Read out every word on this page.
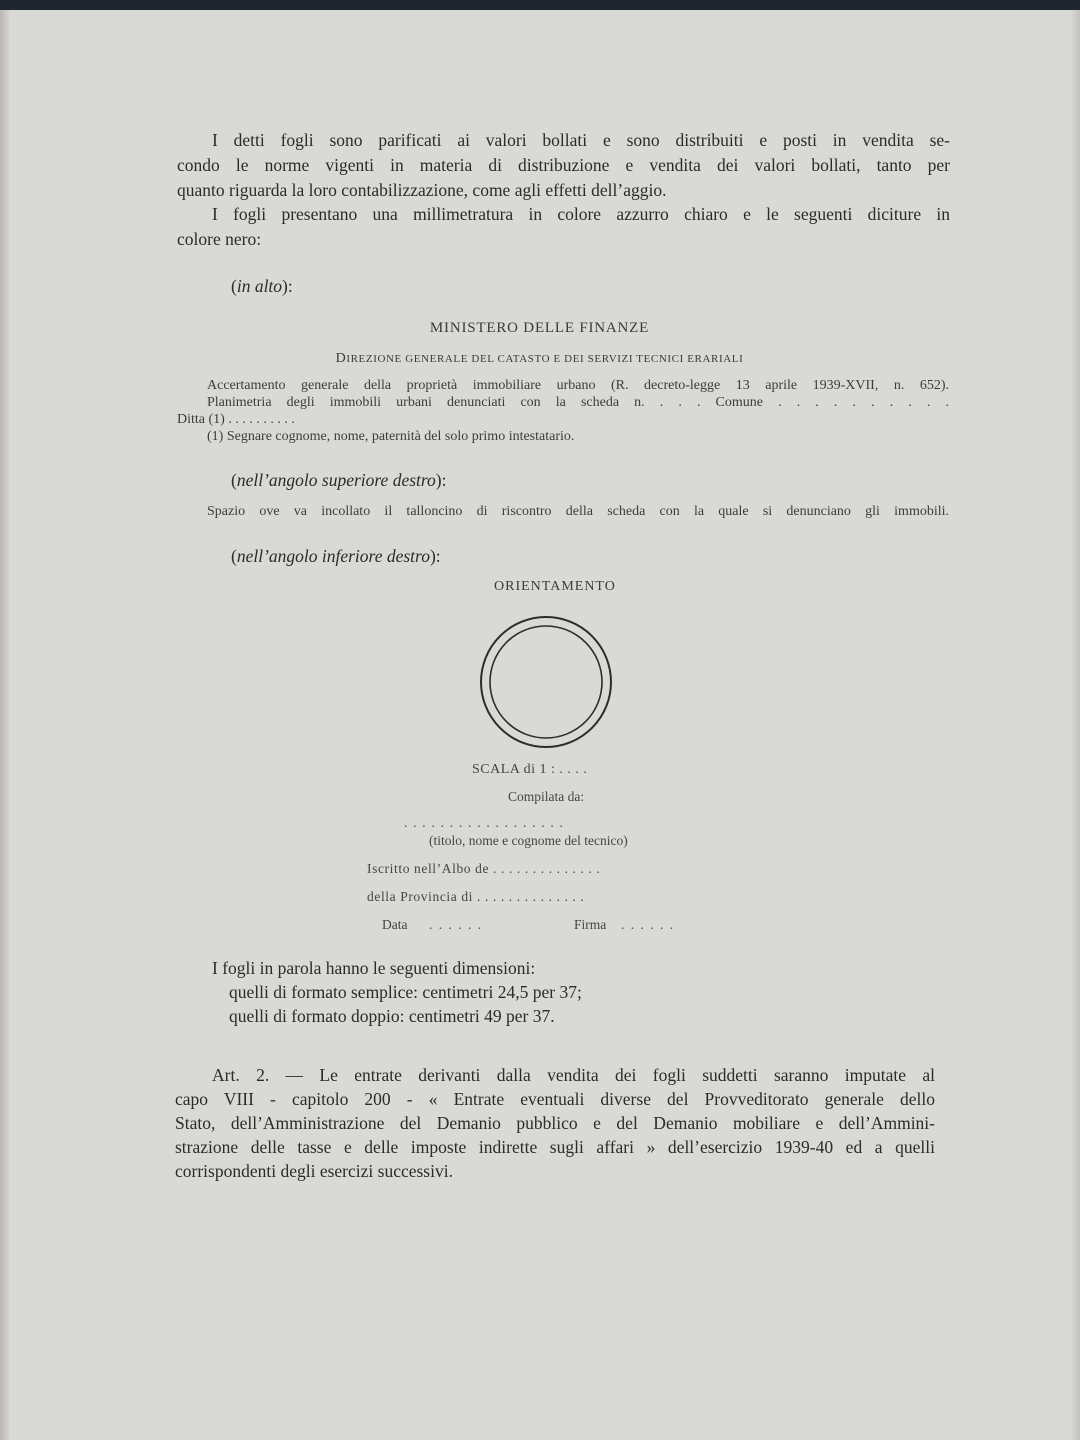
I detti fogli sono parificati ai valori bollati e sono distribuiti e posti in vendita se-
condo le norme vigenti in materia di distribuzione e vendita dei valori bollati, tanto per
quanto riguarda la loro contabilizzazione, come agli effetti dell’aggio.
I fogli presentano una millimetratura in colore azzurro chiaro e le seguenti diciture in
colore nero:
(in alto):
MINISTERO DELLE FINANZE
DIREZIONE GENERALE DEL CATASTO E DEI SERVIZI TECNICI ERARIALI
Accertamento generale della proprietà immobiliare urbano (R. decreto-legge 13 aprile 1939-XVII, n. 652).
Planimetria degli immobili urbani denunciati con la scheda n. . . . Comune . . . . . . . . . .
Ditta (1) . . . . . . . . . .
(1) Segnare cognome, nome, paternità del solo primo intestatario.
(nell’angolo superiore destro):
Spazio ove va incollato il talloncino di riscontro della scheda con la quale si denunciano gli immobili.
(nell’angolo inferiore destro):
ORIENTAMENTO
SCALA di 1 : . . . .
Compilata da:
. . . . . . . . . . . . . . . . . .
(titolo, nome e cognome del tecnico)
Iscritto nell’Albo de . . . . . . . . . . . . . .
della Provincia di . . . . . . . . . . . . . .
Data . . . . . .	Firma . . . . . .
I fogli in parola hanno le seguenti dimensioni:
quelli di formato semplice: centimetri 24,5 per 37;
quelli di formato doppio: centimetri 49 per 37.
Art. 2. — Le entrate derivanti dalla vendita dei fogli suddetti saranno imputate al
capo VIII - capitolo 200 - « Entrate eventuali diverse del Provveditorato generale dello
Stato, dell’Amministrazione del Demanio pubblico e del Demanio mobiliare e dell’Ammini-
strazione delle tasse e delle imposte indirette sugli affari » dell’esercizio 1939-40 ed a quelli
corrispondenti degli esercizi successivi.
